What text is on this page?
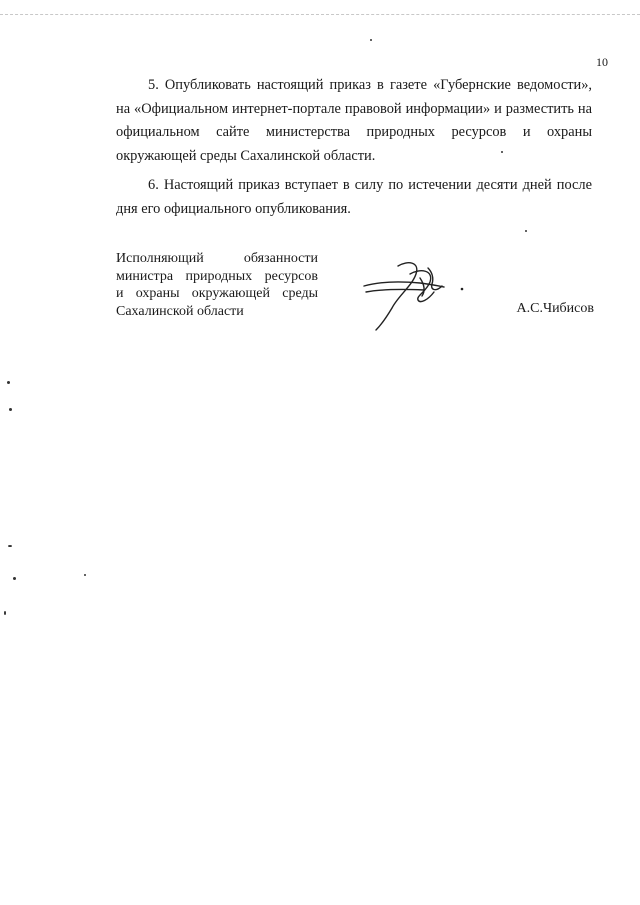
10

5. Опубликовать настоящий приказ в газете «Губернские ведомости», на «Официальном интернет-портале правовой информации» и разместить на официальном сайте министерства природных ресурсов и охраны окружающей среды Сахалинской области.

6. Настоящий приказ вступает в силу по истечении десяти дней после дня его официального опубликования.

Исполняющий обязанности
министра природных ресурсов
и охраны окружающей среды
Сахалинской области	А.С.Чибисов
